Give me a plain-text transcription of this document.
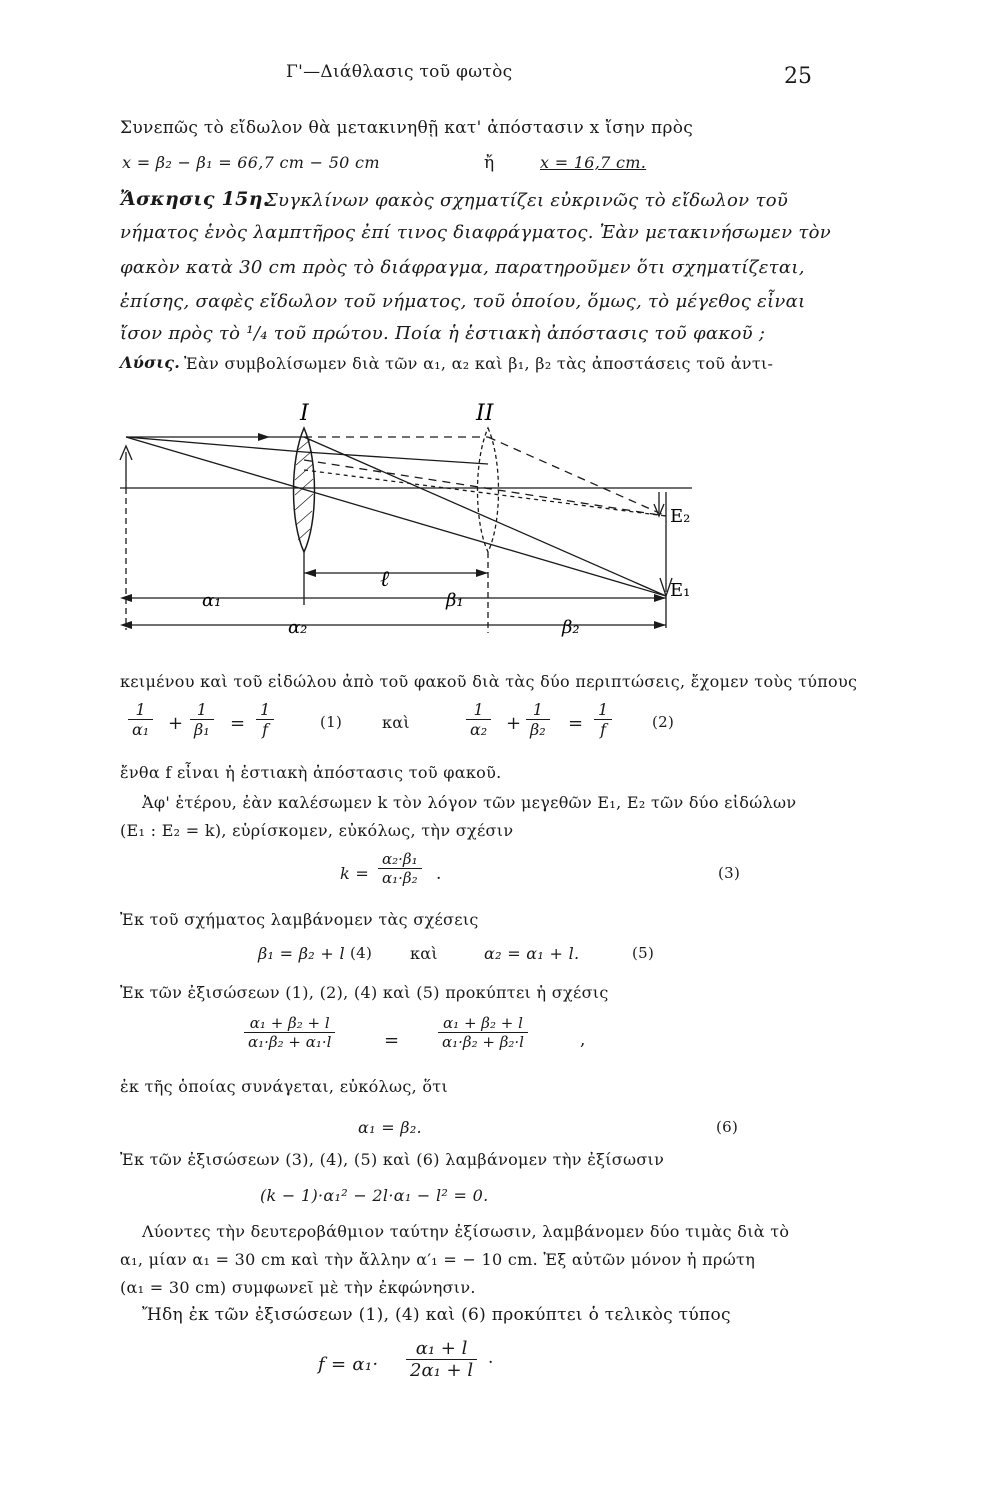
Γ'—Διάθλασις τοῦ φωτὸς	25
Συνεπῶς τὸ εἴδωλον θὰ μετακινηθῇ κατ' ἀπόστασιν x ἴσην πρὸς
x = β₂ − β₁ = 66,7 cm − 50 cm	ἤ	x = 16,7 cm.
Ἄσκησις 15η.
Συγκλίνων φακὸς σχηματίζει εὐκρινῶς τὸ εἴδωλον τοῦ
νήματος ἑνὸς λαμπτῆρος ἐπί τινος διαφράγματος. Ἐὰν μετακινήσωμεν τὸν
φακὸν κατὰ 30 cm πρὸς τὸ διάφραγμα, παρατηροῦμεν ὅτι σχηματίζεται,
ἐπίσης, σαφὲς εἴδωλον τοῦ νήματος, τοῦ ὁποίου, ὅμως, τὸ μέγεθος εἶναι
ἴσον πρὸς τὸ ¹/₄ τοῦ πρώτου. Ποία ἡ ἑστιακὴ ἀπόστασις τοῦ φακοῦ ;
Λύσις. Ἐὰν συμβολίσωμεν διὰ τῶν α₁, α₂ καὶ β₁, β₂ τὰς ἀποστάσεις τοῦ ἀντι-
I	II
E₂
E₁
ℓ
α₁	β₁
α₂	β₂
κειμένου καὶ τοῦ εἰδώλου ἀπὸ τοῦ φακοῦ διὰ τὰς δύο περιπτώσεις, ἔχομεν τοὺς τύπους
$\frac{1}{\text{α₁}} + \frac{1}{\text{β₁}} = \frac{1}{f}$	(1) καὶ	$\frac{1}{\text{α₂}} + \frac{1}{\text{β₂}} = \frac{1}{f}$	(2)
ἔνθα f εἶναι ἡ ἑστιακὴ ἀπόστασις τοῦ φακοῦ.
Ἀφ' ἑτέρου, ἐὰν καλέσωμεν k τὸν λόγον τῶν μεγεθῶν E₁, E₂ τῶν δύο εἰδώλων
(E₁ : E₂ = k), εὑρίσκομεν, εὐκόλως, τὴν σχέσιν
$k = \frac{\text{α₂·β₁}}{\text{α₁·β₂}}$ .	(3)
Ἐκ τοῦ σχήματος λαμβάνομεν τὰς σχέσεις
β₁ = β₂ + l (4) καὶ	α₂ = α₁ + l.	(5)
Ἐκ τῶν ἐξισώσεων (1), (2), (4) καὶ (5) προκύπτει ἡ σχέσις
$\frac{\text{α₁ + β₂ + l}}{\text{α₁·β₂ + α₁·l}}$	=	$\frac{\text{α₁ + β₂ + l}}{\text{α₁·β₂ + β₂·l}}$	,
ἐκ τῆς ὁποίας συνάγεται, εὐκόλως, ὅτι
α₁ = β₂.	(6)
Ἐκ τῶν ἐξισώσεων (3), (4), (5) καὶ (6) λαμβάνομεν τὴν ἐξίσωσιν
(k − 1)·α₁² − 2l·α₁ − l² = 0.
Λύοντες τὴν δευτεροβάθμιον ταύτην ἐξίσωσιν, λαμβάνομεν δύο τιμὰς διὰ τὸ
α₁, μίαν α₁ = 30 cm καὶ τὴν ἄλλην α′₁ = − 10 cm. Ἐξ αὐτῶν μόνον ἡ πρώτη
(α₁ = 30 cm) συμφωνεῖ μὲ τὴν ἐκφώνησιν.
Ἤδη ἐκ τῶν ἐξισώσεων (1), (4) καὶ (6) προκύπτει ὁ τελικὸς τύπος
$f = \alpha_1\cdot \frac{\text{α₁ + l}}{\text{2α₁ + l}}$ .
